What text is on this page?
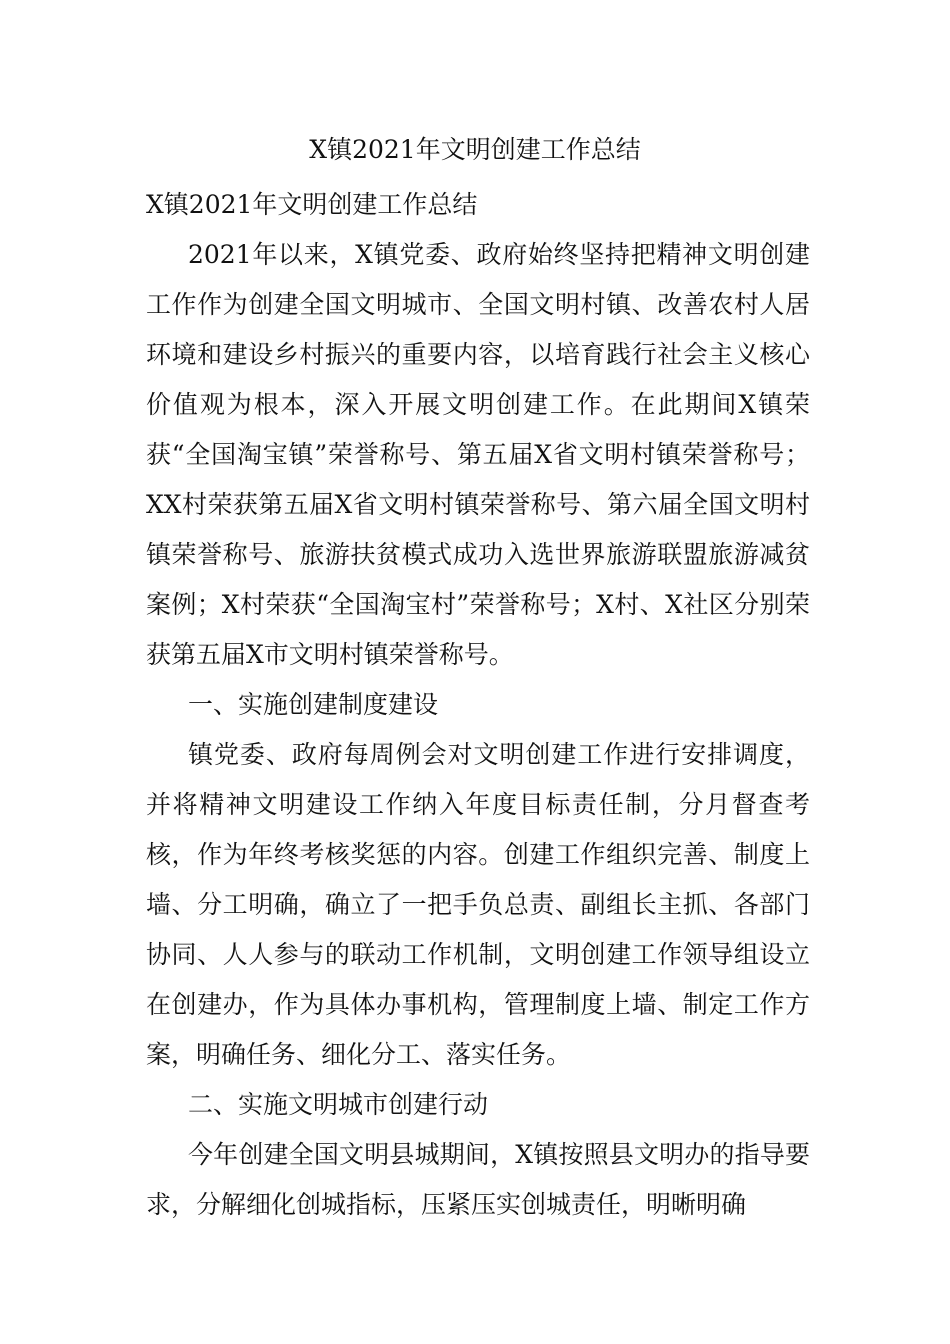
X镇2021年文明创建工作总结

X镇2021年文明创建工作总结

2021年以来，X镇党委、政府始终坚持把精神文明创建工作作为创建全国文明城市、全国文明村镇、改善农村人居环境和建设乡村振兴的重要内容，以培育践行社会主义核心价值观为根本，深入开展文明创建工作。在此期间X镇荣获“全国淘宝镇”荣誉称号、第五届X省文明村镇荣誉称号；XX村荣获第五届X省文明村镇荣誉称号、第六届全国文明村镇荣誉称号、旅游扶贫模式成功入选世界旅游联盟旅游减贫案例；X村荣获“全国淘宝村”荣誉称号；X村、X社区分别荣获第五届X市文明村镇荣誉称号。

一、实施创建制度建设

镇党委、政府每周例会对文明创建工作进行安排调度，并将精神文明建设工作纳入年度目标责任制，分月督查考核，作为年终考核奖惩的内容。创建工作组织完善、制度上墙、分工明确，确立了一把手负总责、副组长主抓、各部门协同、人人参与的联动工作机制，文明创建工作领导组设立在创建办，作为具体办事机构，管理制度上墙、制定工作方案，明确任务、细化分工、落实任务。

二、实施文明城市创建行动

今年创建全国文明县城期间，X镇按照县文明办的指导要求，分解细化创城指标，压紧压实创城责任，明晰明确
